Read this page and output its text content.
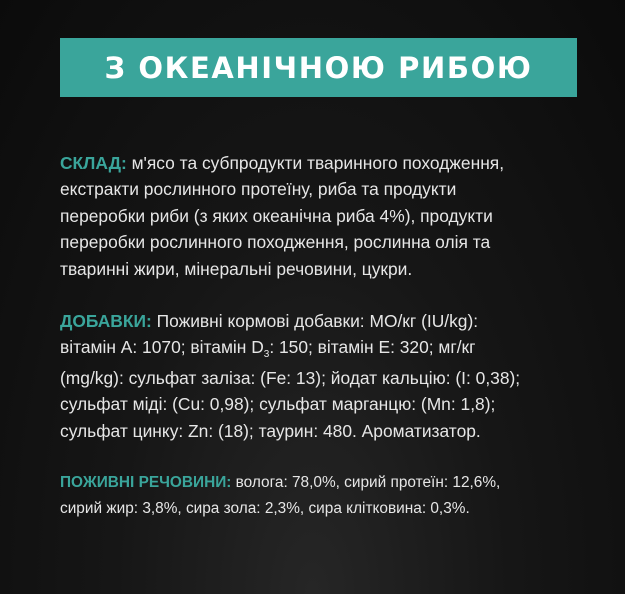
З ОКЕАНІЧНОЮ РИБОЮ
СКЛАД: м'ясо та субпродукти тваринного походження,
екстракти рослинного протеїну, риба та продукти
переробки риби (з яких океанічна риба 4%), продукти
переробки рослинного походження, рослинна олія та
тваринні жири, мінеральні речовини, цукри.
ДОБАВКИ: Поживні кормові добавки: МО/кг (IU/kg):
вітамін А: 1070; вітамін $D_3$: 150; вітамін Е: 320; мг/кг
(mg/kg): сульфат заліза: (Fe: 13); йодат кальцію: (I: 0,38);
сульфат міді: (Cu: 0,98); сульфат марганцю: (Mn: 1,8);
сульфат цинку: Zn: (18); таурин: 480. Ароматизатор.
ПОЖИВНІ РЕЧОВИНИ: волога: 78,0%, сирий протеїн: 12,6%,
сирий жир: 3,8%, сира зола: 2,3%, сира клітковина: 0,3%.
